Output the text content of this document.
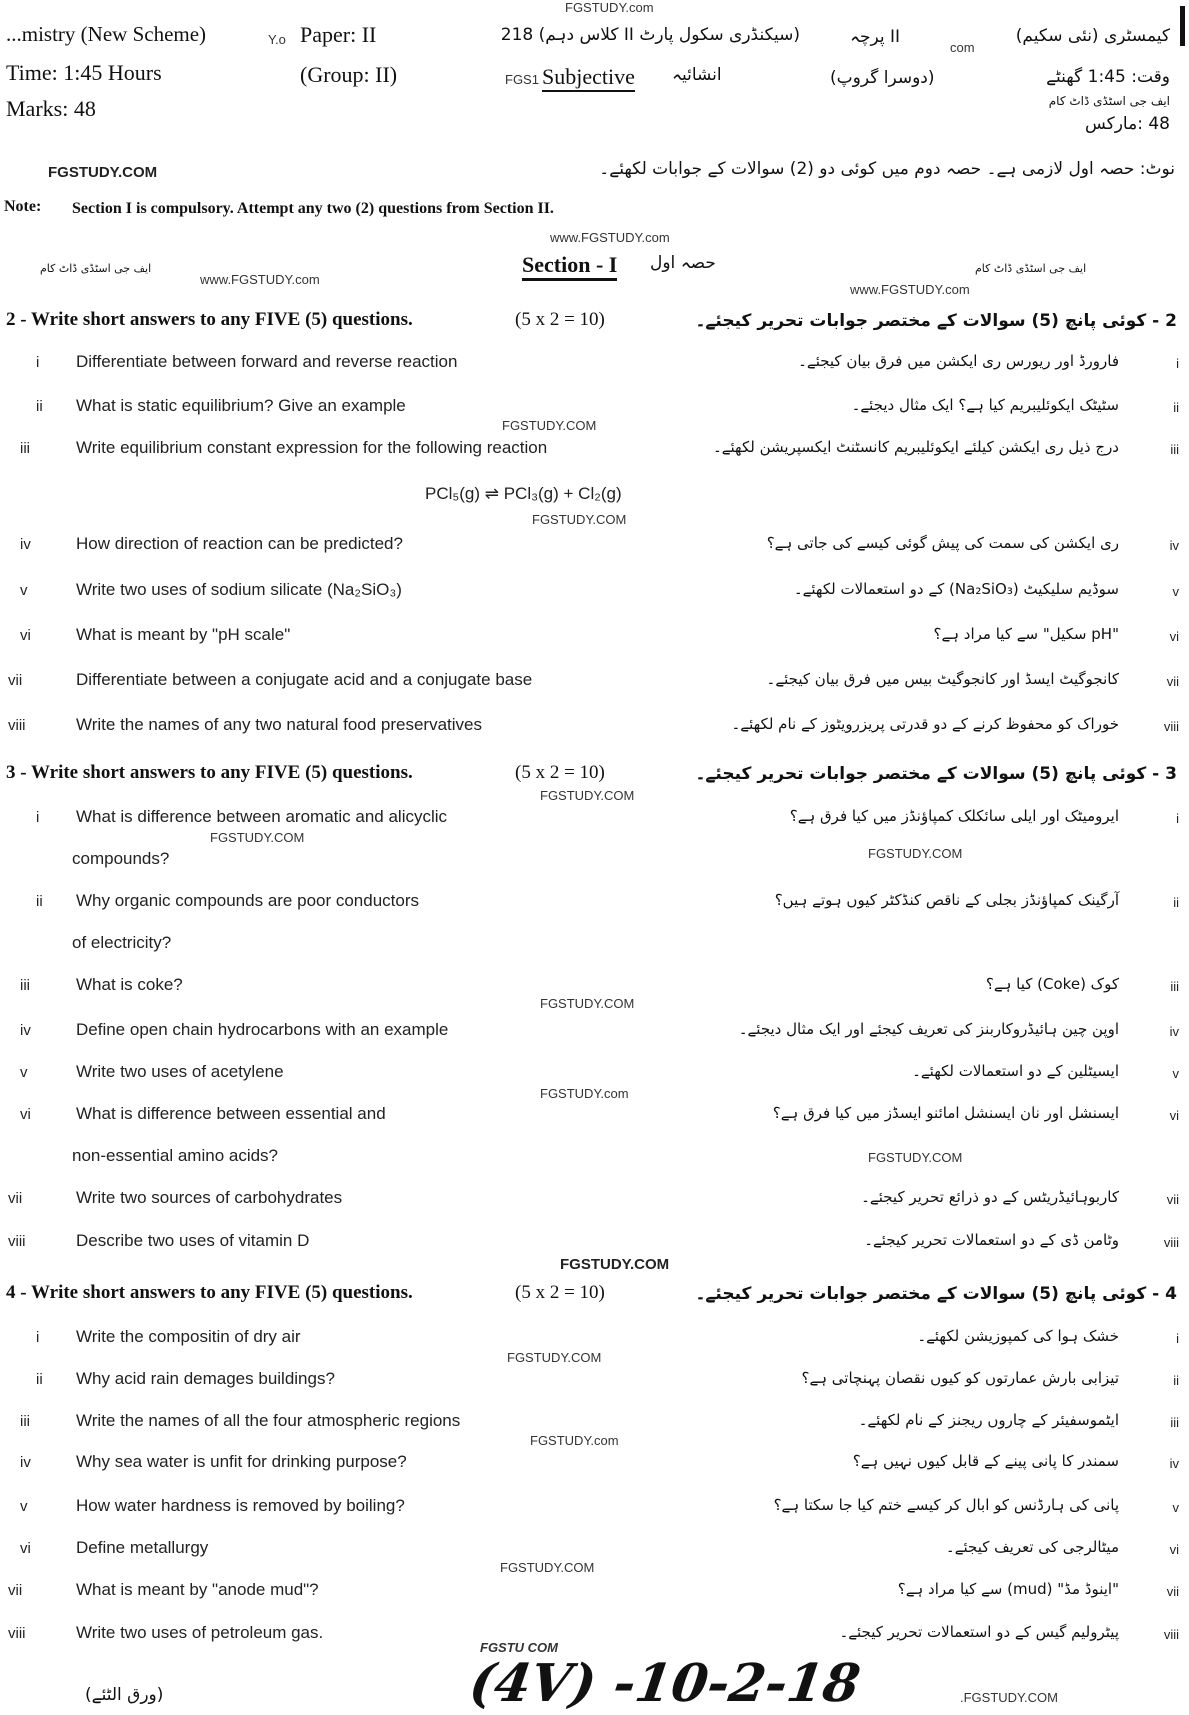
FGSTUDY.com
...mistry (New Scheme)	Y.o Paper: II	(سیکنڈری سکول پارٹ II کلاس دہم) 218	II پرچہ
com
کیمسٹری (نئی سکیم)
Time: 1:45 Hours	(Group: II)	FGS1 Subjective انشائیہ	(دوسرا گروپ)	وقت: 1:45 گھنٹے
ایف جی اسٹڈی ڈاٹ کام
Marks: 48
48 :مارکس
FGSTUDY.COM	نوٹ: حصہ اول لازمی ہے۔ حصہ دوم میں کوئی دو (2) سوالات کے جوابات لکھئے۔
Note: Section I is compulsory. Attempt any two (2) questions from Section II.
www.FGSTUDY.com
Section - I حصہ اول
ایف جی اسٹڈی ڈاٹ کام
www.FGSTUDY.com
ایف جی اسٹڈی ڈاٹ کام
www.FGSTUDY.com
2 - Write short answers to any FIVE (5) questions.	(5 x 2 = 10)	2 - کوئی پانچ (5) سوالات کے مختصر جوابات تحریر کیجئے۔
i Differentiate between forward and reverse reaction	فارورڈ اور ریورس ری ایکشن میں فرق بیان کیجئے۔	i
ii What is static equilibrium? Give an example	سٹیٹک ایکوئلیبریم کیا ہے؟ ایک مثال دیجئے۔	ii
iii	Write equilibrium constant expression for the following reaction	درج ذیل ری ایکشن کیلئے ایکوئلیبریم کانسٹنٹ ایکسپریشن لکھئے۔	iii
iv	How direction of reaction can be predicted?	ری ایکشن کی سمت کی پیش گوئی کیسے کی جاتی ہے؟	iv
v	Write two uses of sodium silicate (Na₂SiO₃)	سوڈیم سلیکیٹ (Na₂SiO₃) کے دو استعمالات لکھئے۔	v
vi	What is meant by "pH scale"	"pH سکیل" سے کیا مراد ہے؟	vi
vii	Differentiate between a conjugate acid and a conjugate base	کانجوگیٹ ایسڈ اور کانجوگیٹ بیس میں فرق بیان کیجئے۔	vii
viii	Write the names of any two natural food preservatives	خوراک کو محفوظ کرنے کے دو قدرتی پریزرویٹوز کے نام لکھئے۔	viii
3 - Write short answers to any FIVE (5) questions.	(5 x 2 = 10)	3 - کوئی پانچ (5) سوالات کے مختصر جوابات تحریر کیجئے۔
i What is difference between aromatic and alicyclic
compounds?
ایرومیٹک اور ایلی سائکلک کمپاؤنڈز میں کیا فرق ہے؟	i
ii Why organic compounds are poor conductors
of electricity?
آرگینک کمپاؤنڈز بجلی کے ناقص کنڈکٹر کیوں ہوتے ہیں؟	ii
iii	What is coke?	کوک (Coke) کیا ہے؟	iii
iv	Define open chain hydrocarbons with an example	اوپن چین ہائیڈروکاربنز کی تعریف کیجئے اور ایک مثال دیجئے۔	iv
v	Write two uses of acetylene	ایسیٹلین کے دو استعمالات لکھئے۔	v
vi	What is difference between essential and
non-essential amino acids?
ایسنشل اور نان ایسنشل امائنو ایسڈز میں کیا فرق ہے؟	vi
vii	Write two sources of carbohydrates	کاربوہائیڈریٹس کے دو ذرائع تحریر کیجئے۔	vii
viii	Describe two uses of vitamin D	وٹامن ڈی کے دو استعمالات تحریر کیجئے۔	viii
4 - Write short answers to any FIVE (5) questions.	(5 x 2 = 10)	4 - کوئی پانچ (5) سوالات کے مختصر جوابات تحریر کیجئے۔
i Write the compositin of dry air	خشک ہوا کی کمپوزیشن لکھئے۔	i
ii Why acid rain demages buildings?	تیزابی بارش عمارتوں کو کیوں نقصان پہنچاتی ہے؟	ii
iii	Write the names of all the four atmospheric regions	ایٹموسفیئر کے چاروں ریجنز کے نام لکھئے۔	iii
iv	Why sea water is unfit for drinking purpose?	سمندر کا پانی پینے کے قابل کیوں نہیں ہے؟	iv
v	How water hardness is removed by boiling?	پانی کی ہارڈنس کو ابال کر کیسے ختم کیا جا سکتا ہے؟	v
vi	Define metallurgy	میٹالرجی کی تعریف کیجئے۔	vi
vii	What is meant by "anode mud"?	"اینوڈ مڈ" (mud) سے کیا مراد ہے؟	vii
viii	Write two uses of petroleum gas.	پیٹرولیم گیس کے دو استعمالات تحریر کیجئے۔	viii
PCl₅(g) ⇌ PCl₃(g) + Cl₂(g)
FGSTUDY.COM
FGSTUDY.COM
FGSTUDY.COM
FGSTUDY.COM
FGSTUDY.COM
FGSTUDY.COM
FGSTUDY.com
FGSTUDY.COM
FGSTUDY.COM
FGSTUDY.COM
FGSTUDY.com
FGSTUDY.COM
FGSTU COM
(4V) -10-2-18	.FGSTUDY.COM
(ورق الٹئے)
